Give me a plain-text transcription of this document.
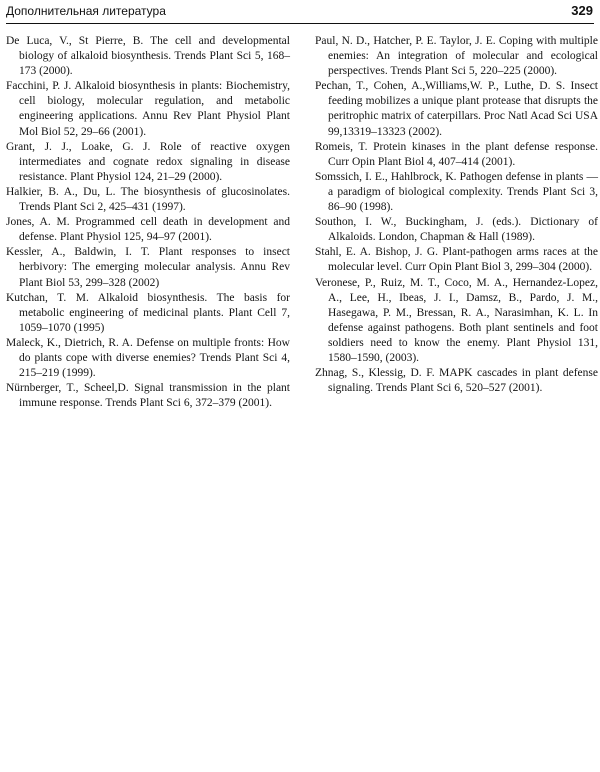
Дополнительная литература	329

De Luca, V., St Pierre, B. The cell and developmental biology of alkaloid biosynthesis. Trends Plant Sci 5, 168–173 (2000).

Facchini, P. J. Alkaloid biosynthesis in plants: Biochemistry, cell biology, molecular regulation, and metabolic engineering applications. Annu Rev Plant Physiol Plant Mol Biol 52, 29–66 (2001).

Grant, J. J., Loake, G. J. Role of reactive oxygen intermediates and cognate redox signaling in disease resistance. Plant Physiol 124, 21–29 (2000).

Halkier, B. A., Du, L. The biosynthesis of glucosinolates. Trends Plant Sci 2, 425–431 (1997).

Jones, A. M. Programmed cell death in development and defense. Plant Physiol 125, 94–97 (2001).

Kessler, A., Baldwin, I. T. Plant responses to insect herbivory: The emerging molecular analysis. Annu Rev Plant Biol 53, 299–328 (2002)

Kutchan, T. M. Alkaloid biosynthesis. The basis for metabolic engineering of medicinal plants. Plant Cell 7, 1059–1070 (1995)

Maleck, K., Dietrich, R. A. Defense on multiple fronts: How do plants cope with diverse enemies? Trends Plant Sci 4, 215–219 (1999).

Nürnberger, T., Scheel,D. Signal transmission in the plant immune response. Trends Plant Sci 6, 372–379 (2001).

Paul, N. D., Hatcher, P. E. Taylor, J. E. Coping with multiple enemies: An integration of molecular and ecological perspectives. Trends Plant Sci 5, 220–225 (2000).

Pechan, T., Cohen, A.,Williams,W. P., Luthe, D. S. Insect feeding mobilizes a unique plant protease that disrupts the peritrophic matrix of caterpillars. Proc Natl Acad Sci USA 99,13319–13323 (2002).

Romeis, T. Protein kinases in the plant defense response. Curr Opin Plant Biol 4, 407–414 (2001).

Somssich, I. E., Hahlbrock, K. Pathogen defense in plants — a paradigm of biological complexity. Trends Plant Sci 3, 86–90 (1998).

Southon, I. W., Buckingham, J. (eds.). Dictionary of Alkaloids. London, Chapman & Hall (1989).

Stahl, E. A. Bishop, J. G. Plant-pathogen arms races at the molecular level. Curr Opin Plant Biol 3, 299–304 (2000).

Veronese, P., Ruiz, M. T., Coco, M. A., Hernandez-Lopez, A., Lee, H., Ibeas, J. I., Damsz, B., Pardo, J. M., Hasegawa, P. M., Bressan, R. A., Narasimhan, K. L. In defense against pathogens. Both plant sentinels and foot soldiers need to know the enemy. Plant Physiol 131, 1580–1590, (2003).

Zhnag, S., Klessig, D. F. MAPK cascades in plant defense signaling. Trends Plant Sci 6, 520–527 (2001).
